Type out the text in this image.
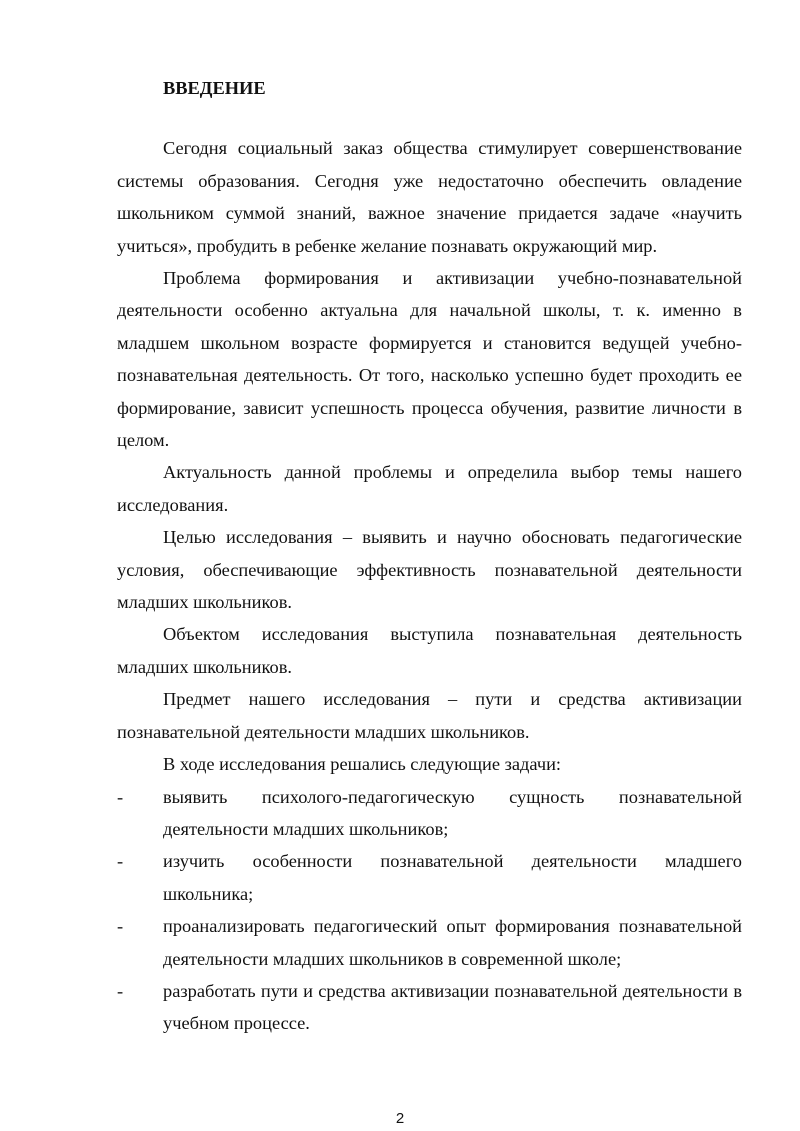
ВВЕДЕНИЕ

Сегодня социальный заказ общества стимулирует совершенствование системы образования. Сегодня уже недостаточно обеспечить овладение школьником суммой знаний, важное значение придается задаче «научить учиться», пробудить в ребенке желание познавать окружающий мир.

Проблема формирования и активизации учебно-познавательной деятельности особенно актуальна для начальной школы, т. к. именно в младшем школьном возрасте формируется и становится ведущей учебно-познавательная деятельность. От того, насколько успешно будет проходить ее формирование, зависит успешность процесса обучения, развитие личности в целом.

Актуальность данной проблемы и определила выбор темы нашего исследования.

Целью исследования – выявить и научно обосновать педагогические условия, обеспечивающие эффективность познавательной деятельности младших школьников.

Объектом исследования выступила познавательная деятельность младших школьников.

Предмет нашего исследования – пути и средства активизации познавательной деятельности младших школьников.

В ходе исследования решались следующие задачи:

-	выявить психолого-педагогическую сущность познавательной деятельности младших школьников;
-	изучить особенности познавательной деятельности младшего школьника;
-	проанализировать педагогический опыт формирования познавательной деятельности младших школьников в современной школе;
-	разработать пути и средства активизации познавательной деятельности в учебном процессе.
2
